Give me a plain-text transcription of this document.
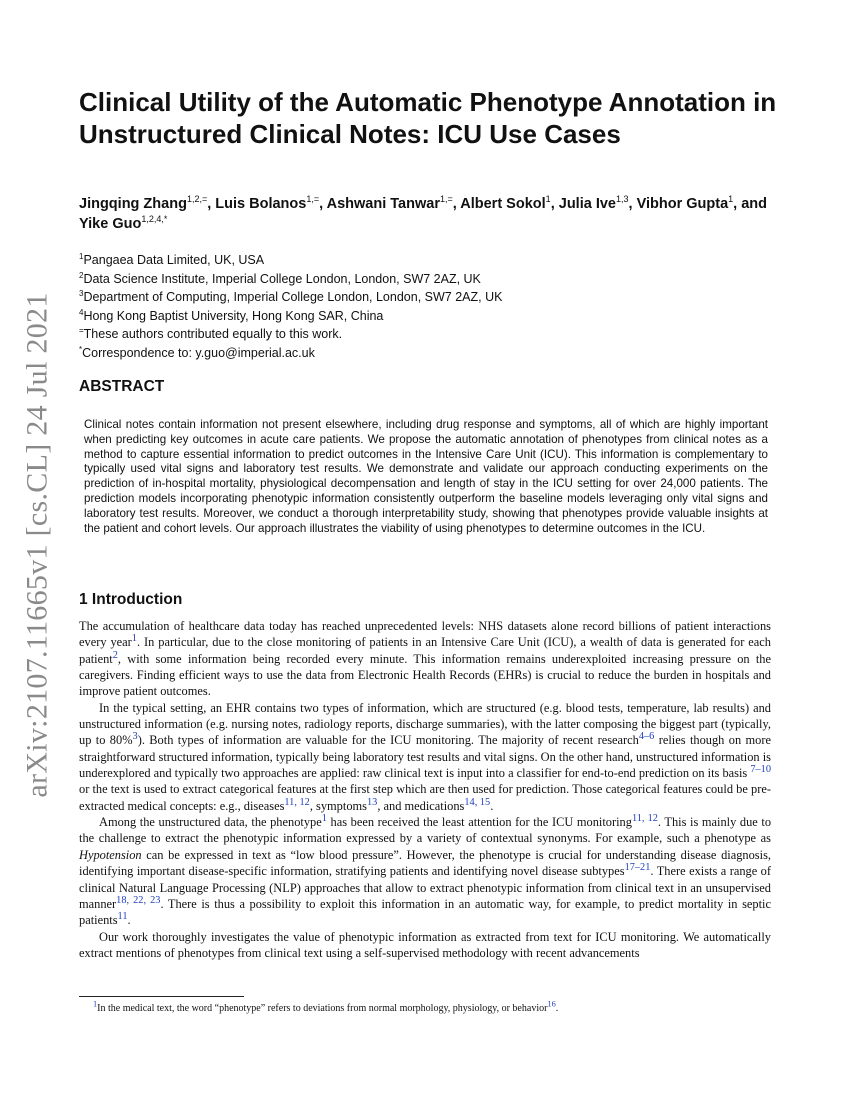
arXiv:2107.11665v1 [cs.CL] 24 Jul 2021
Clinical Utility of the Automatic Phenotype Annotation in Unstructured Clinical Notes: ICU Use Cases

Jingqing Zhang$^{1,2,=}$, Luis Bolanos$^{1,=}$, Ashwani Tanwar$^{1,=}$, Albert Sokol$^1$, Julia Ive$^{1,3}$, Vibhor Gupta$^1$, and Yike Guo$^{1,2,4,*}$

$^1$Pangaea Data Limited, UK, USA
$^2$Data Science Institute, Imperial College London, London, SW7 2AZ, UK
$^3$Department of Computing, Imperial College London, London, SW7 2AZ, UK
$^4$Hong Kong Baptist University, Hong Kong SAR, China
=These authors contributed equally to this work.
*Correspondence to: y.guo@imperial.ac.uk
ABSTRACT

Clinical notes contain information not present elsewhere, including drug response and symptoms, all of which are highly important when predicting key outcomes in acute care patients. We propose the automatic annotation of phenotypes from clinical notes as a method to capture essential information to predict outcomes in the Intensive Care Unit (ICU). This information is complementary to typically used vital signs and laboratory test results. We demonstrate and validate our approach conducting experiments on the prediction of in-hospital mortality, physiological decompensation and length of stay in the ICU setting for over 24,000 patients. The prediction models incorporating phenotypic information consistently outperform the baseline models leveraging only vital signs and laboratory test results. Moreover, we conduct a thorough interpretability study, showing that phenotypes provide valuable insights at the patient and cohort levels. Our approach illustrates the viability of using phenotypes to determine outcomes in the ICU.

1 Introduction

The accumulation of healthcare data today has reached unprecedented levels: NHS datasets alone record billions of patient interactions every year$^1$. In particular, due to the close monitoring of patients in an Intensive Care Unit (ICU), a wealth of data is generated for each patient$^2$, with some information being recorded every minute. This information remains underexploited increasing pressure on the caregivers. Finding efficient ways to use the data from Electronic Health Records (EHRs) is crucial to reduce the burden in hospitals and improve patient outcomes.

In the typical setting, an EHR contains two types of information, which are structured (e.g. blood tests, temperature, lab results) and unstructured information (e.g. nursing notes, radiology reports, discharge summaries), with the latter composing the biggest part (typically, up to 80%$^3$). Both types of information are valuable for the ICU monitoring. The majority of recent research$^{4-6}$ relies though on more straightforward structured information, typically being laboratory test results and vital signs. On the other hand, unstructured information is underexplored and typically two approaches are applied: raw clinical text is input into a classifier for end-to-end prediction on its basis $^{7-10}$ or the text is used to extract categorical features at the first step which are then used for prediction. Those categorical features could be pre-extracted medical concepts: e.g., diseases$^{11, 12}$, symptoms$^{13}$, and medications$^{14, 15}$.

Among the unstructured data, the phenotype$^1$ has been received the least attention for the ICU monitoring$^{11, 12}$. This is mainly due to the challenge to extract the phenotypic information expressed by a variety of contextual synonyms. For example, such a phenotype as Hypotension can be expressed in text as “low blood pressure”. However, the phenotype is crucial for understanding disease diagnosis, identifying important disease-specific information, stratifying patients and identifying novel disease subtypes$^{17-21}$. There exists a range of clinical Natural Language Processing (NLP) approaches that allow to extract phenotypic information from clinical text in an unsupervised manner$^{18, 22, 23}$. There is thus a possibility to exploit this information in an automatic way, for example, to predict mortality in septic patients$^{11}$.

Our work thoroughly investigates the value of phenotypic information as extracted from text for ICU monitoring. We automatically extract mentions of phenotypes from clinical text using a self-supervised methodology with recent advancements

$^1$In the medical text, the word “phenotype” refers to deviations from normal morphology, physiology, or behavior$^{16}$.
